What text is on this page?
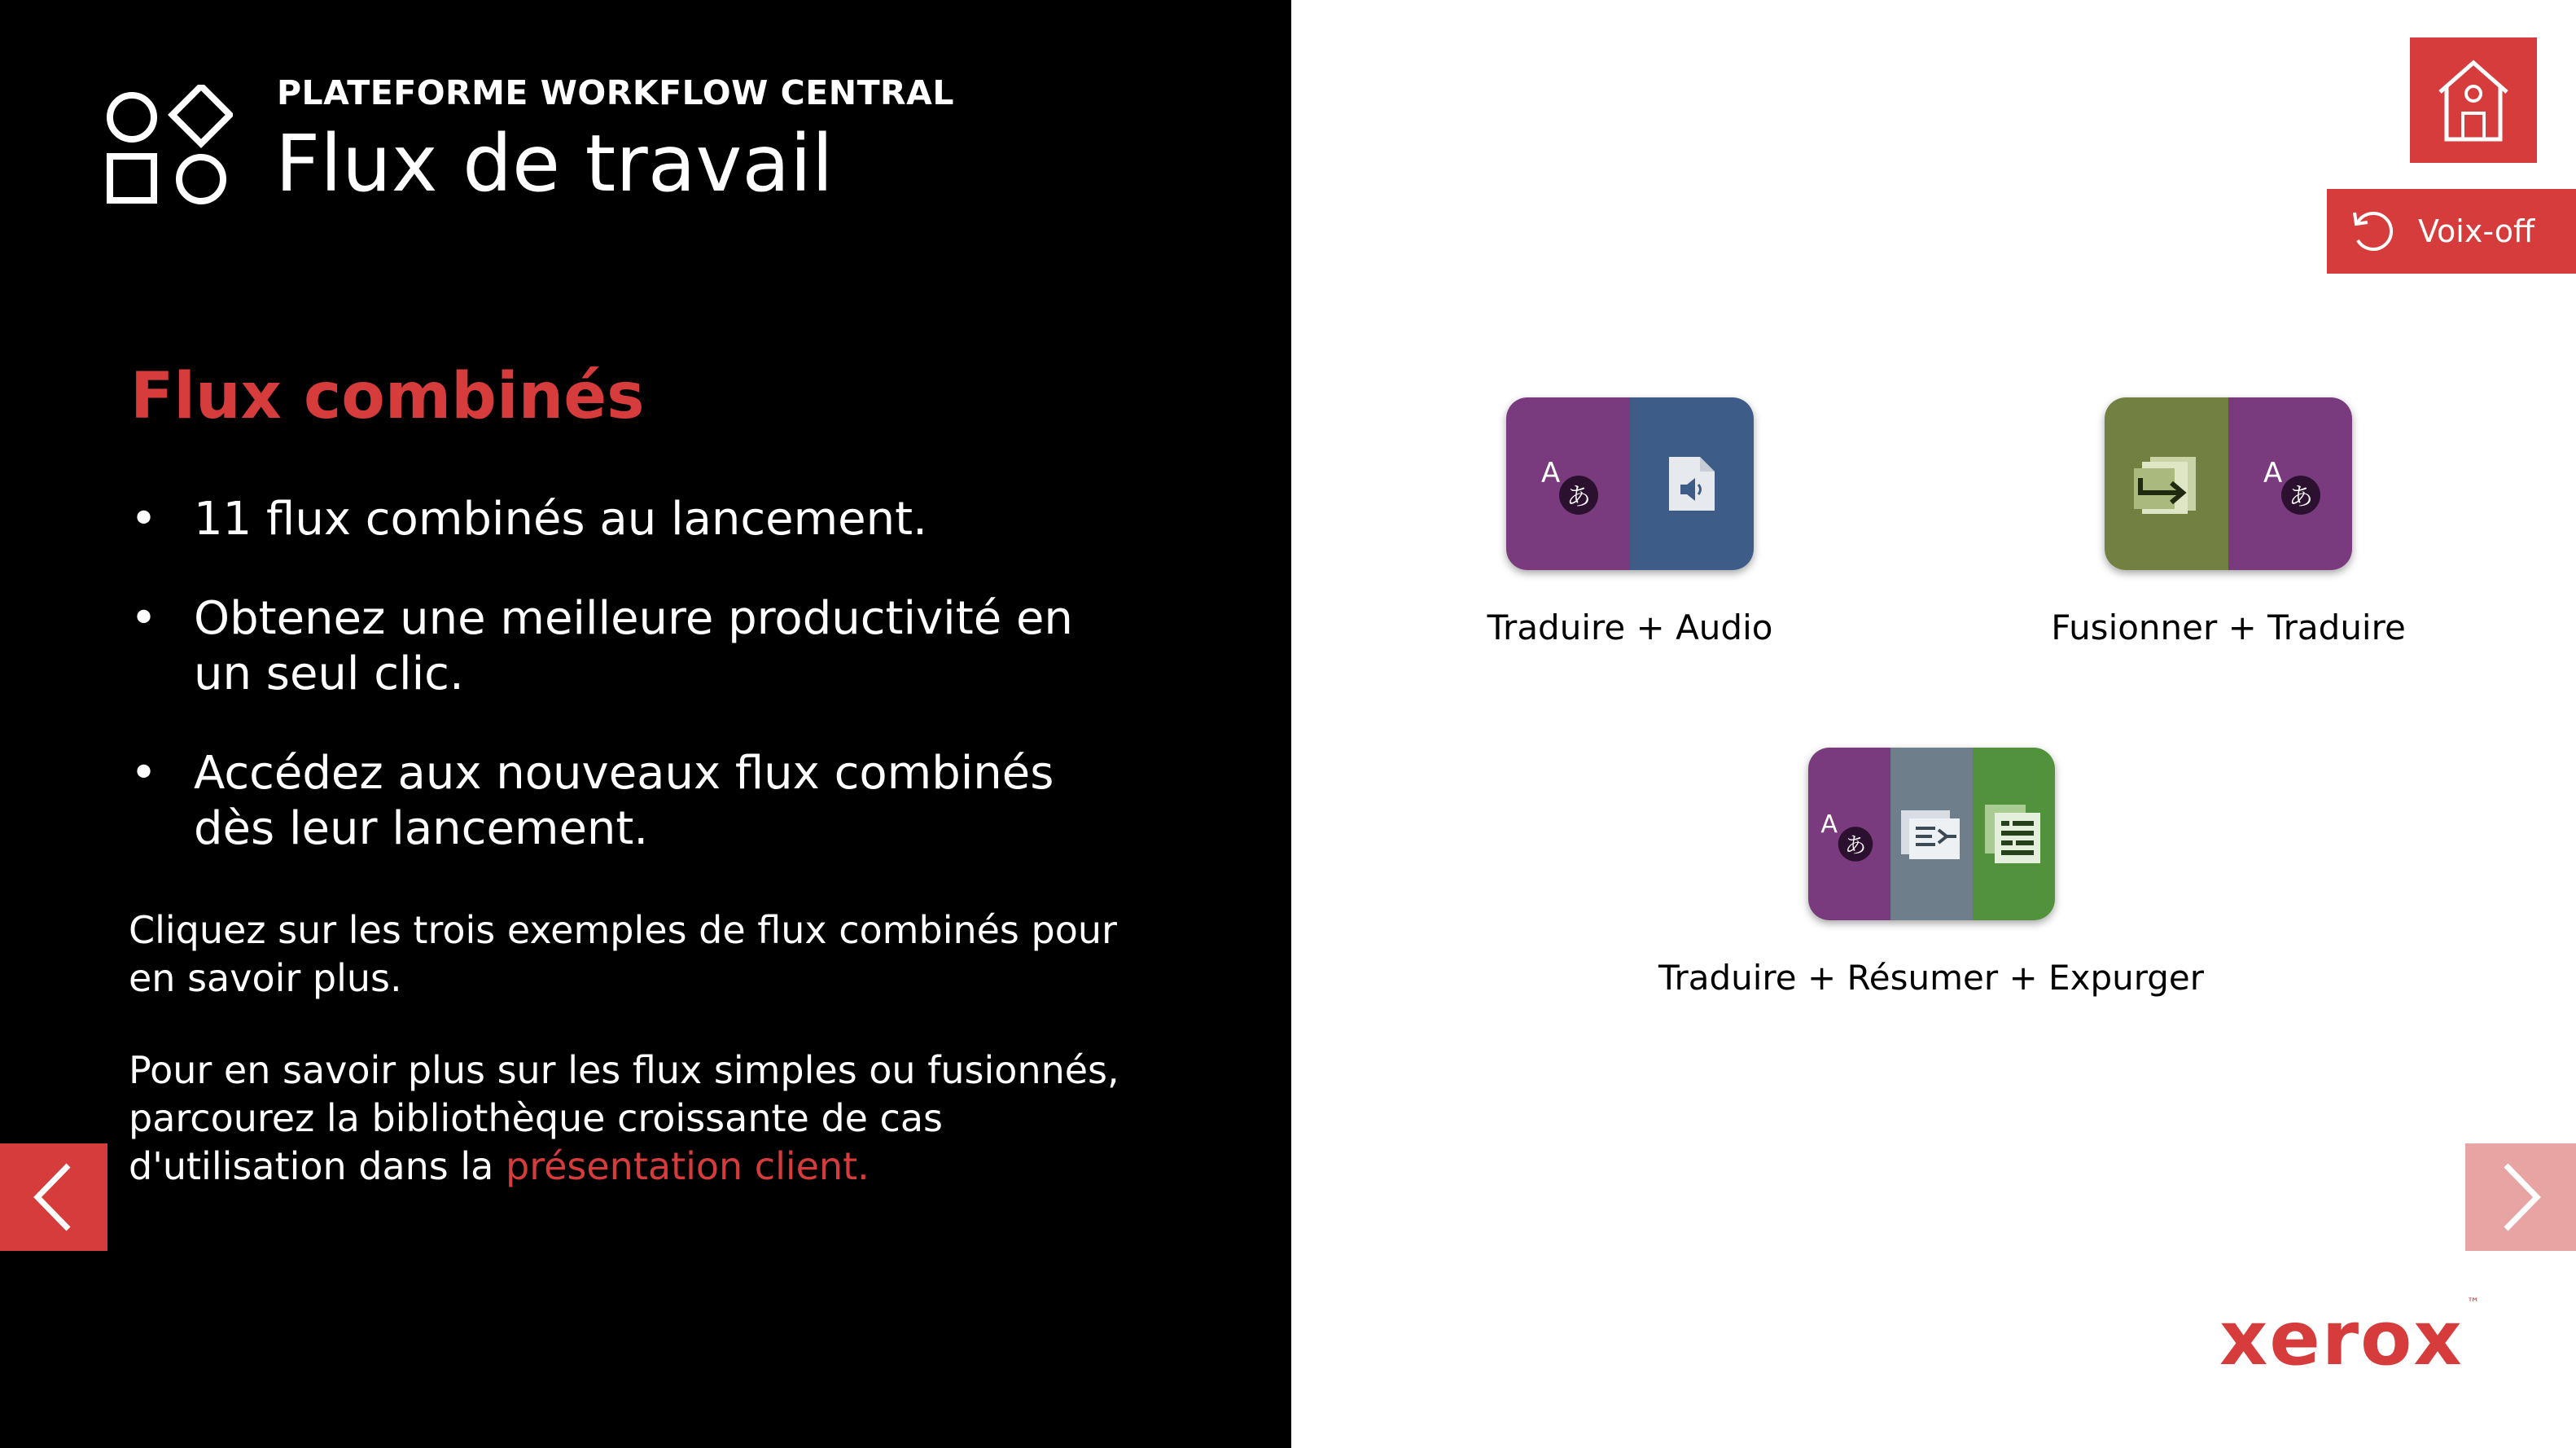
PLATEFORME WORKFLOW CENTRAL
Flux de travail
Flux combinés
• 11 flux combinés au lancement.
• Obtenez une meilleure productivité en un seul clic.
• Accédez aux nouveaux flux combinés dès leur lancement.
Cliquez sur les trois exemples de flux combinés pour en savoir plus.
Pour en savoir plus sur les flux simples ou fusionnés, parcourez la bibliothèque croissante de cas d'utilisation dans la présentation client.
Voix-off
A
あ
Traduire + Audio
A
あ
Fusionner + Traduire
A
あ
Traduire + Résumer + Expurger
xerox ™
